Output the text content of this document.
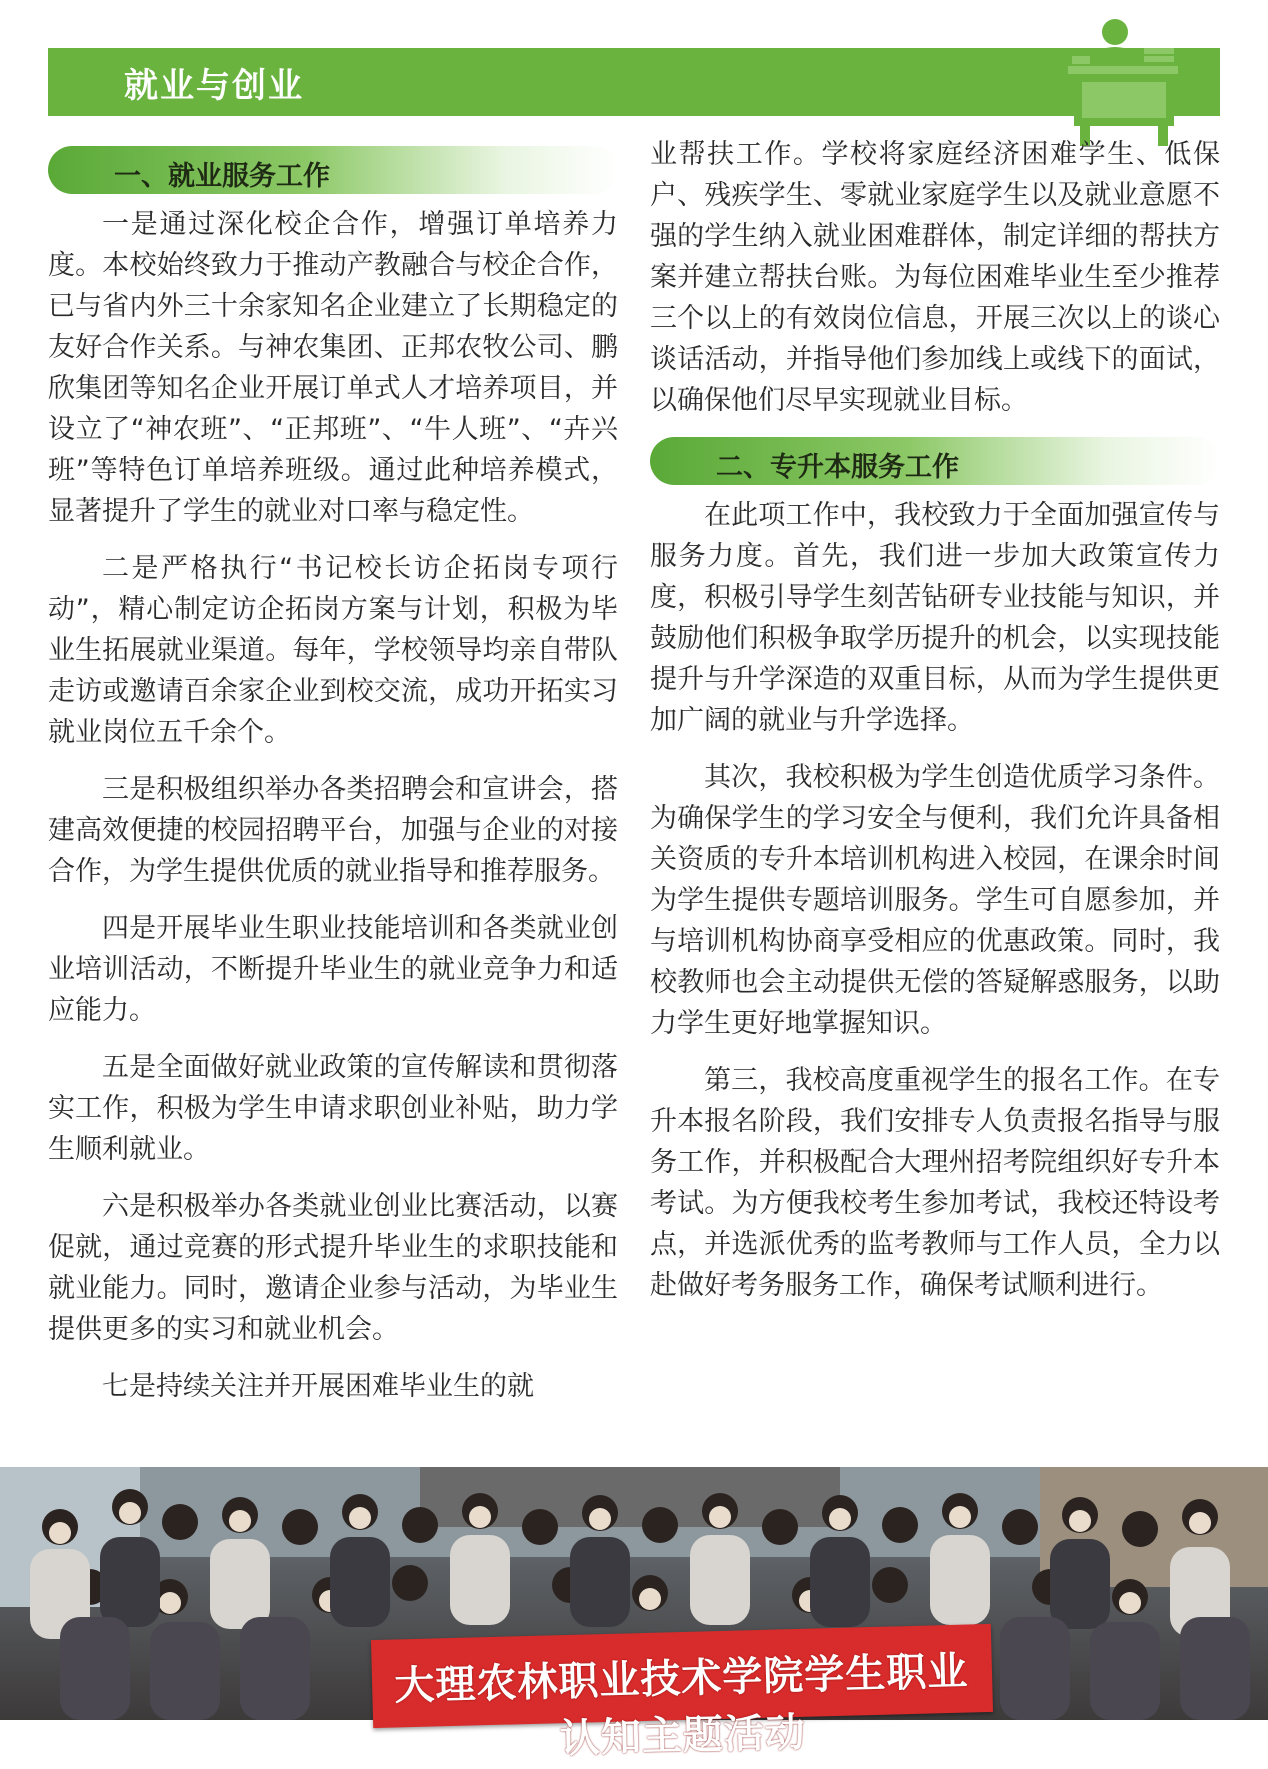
就业与创业
一、就业服务工作

一是通过深化校企合作，增强订单培养力度。本校始终致力于推动产教融合与校企合作，已与省内外三十余家知名企业建立了长期稳定的友好合作关系。与神农集团、正邦农牧公司、鹏欣集团等知名企业开展订单式人才培养项目，并设立了“神农班”、“正邦班”、“牛人班”、“卉兴班”等特色订单培养班级。通过此种培养模式，显著提升了学生的就业对口率与稳定性。

二是严格执行“书记校长访企拓岗专项行动”，精心制定访企拓岗方案与计划，积极为毕业生拓展就业渠道。每年，学校领导均亲自带队走访或邀请百余家企业到校交流，成功开拓实习就业岗位五千余个。

三是积极组织举办各类招聘会和宣讲会，搭建高效便捷的校园招聘平台，加强与企业的对接合作，为学生提供优质的就业指导和推荐服务。

四是开展毕业生职业技能培训和各类就业创业培训活动，不断提升毕业生的就业竞争力和适应能力。

五是全面做好就业政策的宣传解读和贯彻落实工作，积极为学生申请求职创业补贴，助力学生顺利就业。

六是积极举办各类就业创业比赛活动，以赛促就，通过竞赛的形式提升毕业生的求职技能和就业能力。同时，邀请企业参与活动，为毕业生提供更多的实习和就业机会。

七是持续关注并开展困难毕业生的就

业帮扶工作。学校将家庭经济困难学生、低保户、残疾学生、零就业家庭学生以及就业意愿不强的学生纳入就业困难群体，制定详细的帮扶方案并建立帮扶台账。为每位困难毕业生至少推荐三个以上的有效岗位信息，开展三次以上的谈心谈话活动，并指导他们参加线上或线下的面试，以确保他们尽早实现就业目标。

二、专升本服务工作

在此项工作中，我校致力于全面加强宣传与服务力度。首先，我们进一步加大政策宣传力度，积极引导学生刻苦钻研专业技能与知识，并鼓励他们积极争取学历提升的机会，以实现技能提升与升学深造的双重目标，从而为学生提供更加广阔的就业与升学选择。

其次，我校积极为学生创造优质学习条件。为确保学生的学习安全与便利，我们允许具备相关资质的专升本培训机构进入校园，在课余时间为学生提供专题培训服务。学生可自愿参加，并与培训机构协商享受相应的优惠政策。同时，我校教师也会主动提供无偿的答疑解惑服务，以助力学生更好地掌握知识。

第三，我校高度重视学生的报名工作。在专升本报名阶段，我们安排专人负责报名指导与服务工作，并积极配合大理州招考院组织好专升本考试。为方便我校考生参加考试，我校还特设考点，并选派优秀的监考教师与工作人员，全力以赴做好考务服务工作，确保考试顺利进行。

大理农林职业技术学院学生职业认知主题活动
